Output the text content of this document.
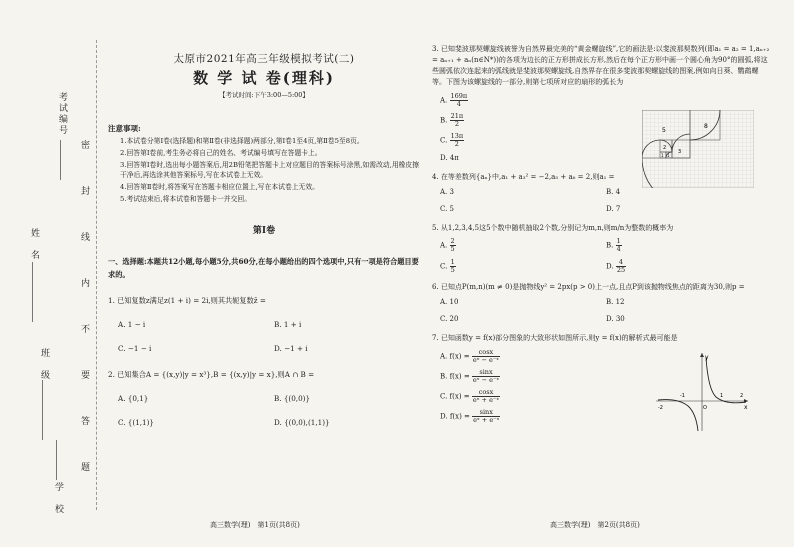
考试编号
姓　名
班　级
学　校
密　封　线　内　不　要　答　题
太原市2021年高三年级模拟考试(二)
数 学 试 卷(理科)
【考试时间:下午3:00—5:00】
注意事项:
1.本试卷分第Ⅰ卷(选择题)和第Ⅱ卷(非选择题)两部分,第Ⅰ卷1至4页,第Ⅱ卷5至8页。
2.回答第Ⅰ卷前,考生务必将自己的姓名、考试编号填写在答题卡上。
3.回答第Ⅰ卷时,选出每小题答案后,用2B铅笔把答题卡上对应题目的答案标号涂黑,如需改动,用橡皮擦干净后,再选涂其他答案标号,写在本试卷上无效。
4.回答第Ⅱ卷时,将答案写在答题卡相应位置上,写在本试卷上无效。
5.考试结束后,将本试卷和答题卡一并交回。
第Ⅰ卷
一、选择题:本题共12小题,每小题5分,共60分,在每小题给出的四个选项中,只有一项是符合题目要求的。
1. 已知复数z满足z(1 + i) = 2i,则其共轭复数z̄ =
A. 1 − i	B. 1 + i
C. −1 − i	D. −1 + i
2. 已知集合A = {(x,y)|y = x³},B = {(x,y)|y = x},则A ∩ B =
A. {0,1}	B. {(0,0)}
C. {(1,1)}	D. {(0,0),(1,1)}
高三数学(理)　第1页(共8页)
3. 已知斐波那契螺旋线被誉为自然界最完美的“黄金螺旋线”,它的画法是:以斐波那契数列(即a₁ = a₂ = 1,aₙ₊₂ = aₙ₊₁ + aₙ(n∈N*))的各项为边长的正方形拼成长方形,然后在每个正方形中画一个圆心角为90°的圆弧,将这些圆弧依次连起来的弧线就是斐波那契螺旋线,自然界存在很多斐波那契螺旋线的图案,例如向日葵、鹦鹉螺等。下图为该螺旋线的一部分,则第七项所对应的扇形的弧长为
A. $\frac{169\pi}{4}$
B. $\frac{21\pi}{2}$
C. $\frac{13\pi}{2}$
D. 4π
8
5
3
2
1 1
4. 在等差数列{aₙ}中,a₁ + a₃² = −2,a₅ + a₆ = 2,则a₁ =
A. 3	B. 4
C. 5	D. 7
5. 从1,2,3,4,5这5个数中随机抽取2个数,分别记为m,n,则m/n为整数的概率为
A. $\frac{2}{5}$	B. $\frac{1}{4}$
C. $\frac{1}{5}$	D. $\frac{4}{25}$
6. 已知点P(m,n)(m ≠ 0)是抛物线y² = 2px(p > 0)上一点,且点P到该抛物线焦点的距离为30,则p =
A. 10	B. 12
C. 20	D. 30
7. 已知函数y = f(x)部分图象的大致形状如图所示,则y = f(x)的解析式最可能是
A. $f(x) = \frac{\cos x}{\text{eˣ − e⁻ˣ}}$
B. $f(x) = \frac{\sin x}{\text{eˣ − e⁻ˣ}}$
C. $f(x) = \frac{\cos x}{\text{eˣ + e⁻ˣ}}$
D. $f(x) = \frac{\sin x}{\text{eˣ + e⁻ˣ}}$
x
y
O
-2
-1	1	2
高三数学(理)　第2页(共8页)
